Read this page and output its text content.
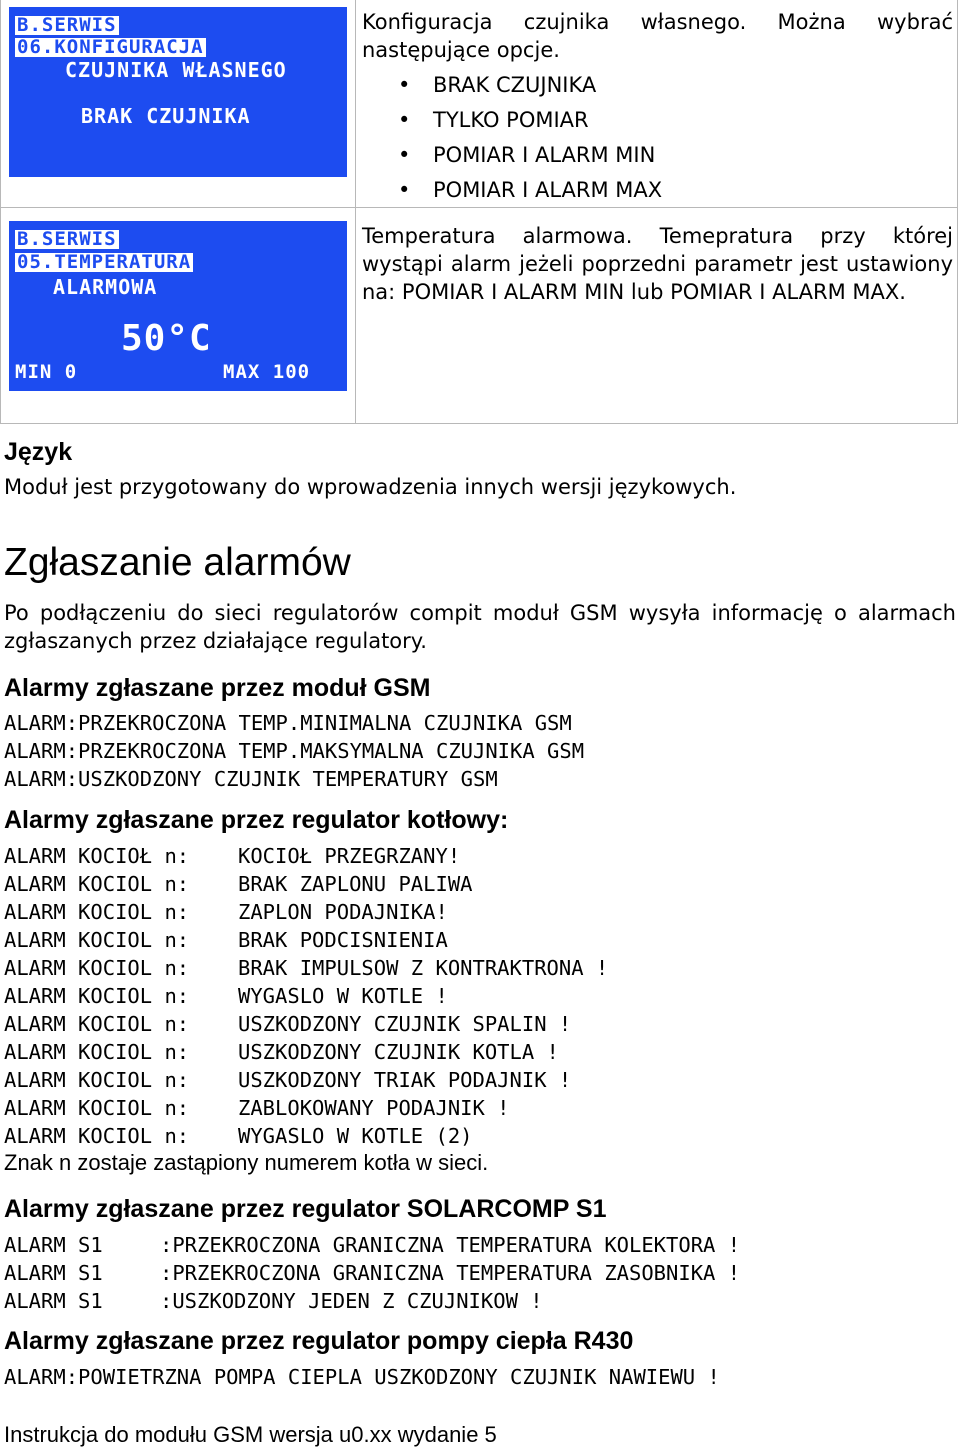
B.SERWIS
06.KONFIGURACJA
CZUJNIKA WŁASNEGO
BRAK CZUJNIKA

Konfiguracja czujnika własnego. Można wybrać

następujące opcje.

• BRAK CZUJNIKA
• TYLKO POMIAR
• POMIAR I ALARM MIN
• POMIAR I ALARM MAX
B.SERWIS
05.TEMPERATURA
ALARMOWA
50°C
MIN 0	MAX 100

Temperatura alarmowa. Temepratura przy której wystąpi alarm jeżeli poprzedni parametr jest ustawiony na: POMIAR I ALARM MIN lub POMIAR I ALARM MAX.

Język
Moduł jest przygotowany do wprowadzenia innych wersji językowych.
Zgłaszanie alarmów
Po podłączeniu do sieci regulatorów compit moduł GSM wysyła informację o alarmach
zgłaszanych przez działające regulatory.
Alarmy zgłaszane przez moduł GSM
ALARM:PRZEKROCZONA TEMP.MINIMALNA CZUJNIKA GSM
ALARM:PRZEKROCZONA TEMP.MAKSYMALNA CZUJNIKA GSM
ALARM:USZKODZONY CZUJNIK TEMPERATURY GSM
Alarmy zgłaszane przez regulator kotłowy:
ALARM KOCIOŁ n: KOCIOŁ PRZEGRZANY!
ALARM KOCIOL n: BRAK ZAPLONU PALIWA
ALARM KOCIOL n: ZAPLON PODAJNIKA!
ALARM KOCIOL n: BRAK PODCISNIENIA
ALARM KOCIOL n: BRAK IMPULSOW Z KONTRAKTRONA !
ALARM KOCIOL n: WYGASLO W KOTLE !
ALARM KOCIOL n: USZKODZONY CZUJNIK SPALIN !
ALARM KOCIOL n: USZKODZONY CZUJNIK KOTLA !
ALARM KOCIOL n: USZKODZONY TRIAK PODAJNIK !
ALARM KOCIOL n: ZABLOKOWANY PODAJNIK !
ALARM KOCIOL n: WYGASLO W KOTLE (2)
Znak n zostaje zastąpiony numerem kotła w sieci.
Alarmy zgłaszane przez regulator SOLARCOMP S1
ALARM S1	:PRZEKROCZONA GRANICZNA TEMPERATURA KOLEKTORA !
ALARM S1	:PRZEKROCZONA GRANICZNA TEMPERATURA ZASOBNIKA !
ALARM S1	:USZKODZONY JEDEN Z CZUJNIKOW !
Alarmy zgłaszane przez regulator pompy ciepła R430
ALARM:POWIETRZNA POMPA CIEPLA USZKODZONY CZUJNIK NAWIEWU !
Instrukcja do modułu GSM wersja u0.xx wydanie 5
